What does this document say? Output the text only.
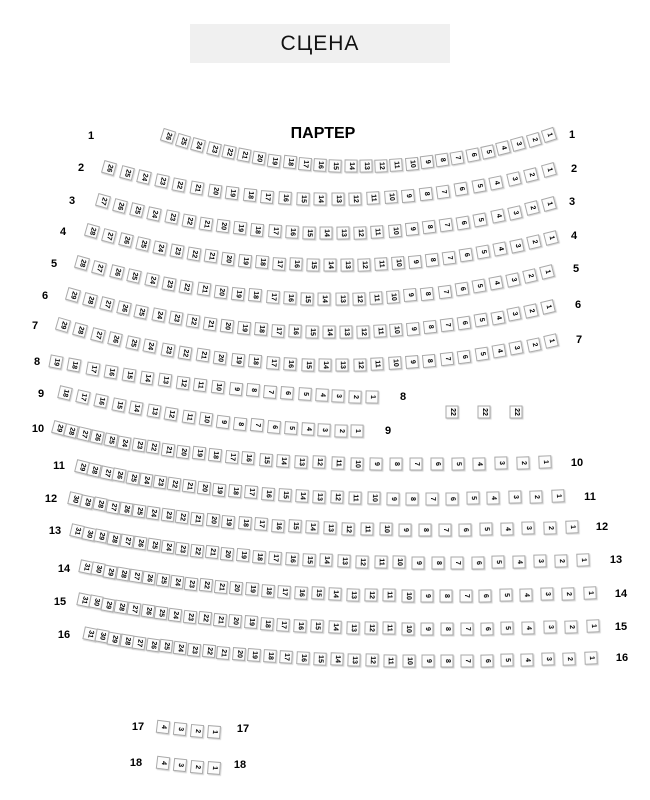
СЦЕНА
ПАРТЕР
26 25 24 23 22 21 20 19 18 17 16 15 14 13 12 11 10 9 8 7
6
5
4
3
2
1
1	1
26
25 24 23 22 21 20 19 18 17 16 15 14 13 12 11 10 9 8 7
6
5
4
3
2
1
2	2
27 26 25 24 23 22 21 20 19 18 17 16 15 14 13 12 11 10 9 8 7
6
5
4
3
2
1
3	3
28 27 26 25 24 23 22 21 20 19 18 17 16 15 14 13 12 11 10 9 8 7 6
5
4
3
2
1
4	4
28
27 26 25 24 23 22 21 20 19 18 17 16 15 14 13 12 11 10 9 8 7 6
5
4
3
2
1
5	5
29 28 27 26 25 24 23 22 21 20 19 18 17 16 15 14 13 12 11 10 9 8 7 6
5
4
3
2
1
6
6
29
28 27 26 25 24 23 22 21 20 19 18 17 16 15 14 13 12 11 10 9 8 7 6
5
4
3
2
1
7
7
19 18 17 16 15 14 13 12 11 10 9 8 7 6 5 4 3 2 1
8
8
18 17 16 15 14 13 12 11 10 9 8 7 6 5 4 3 2 1
9
9
29 28 27 26 25 24 23 22 21 20 19 18 17 16 15 14 13 12 11 10 9 8 7 6 5 4 3 2 1
10
10
29 28 27 26 25 24 23 22 21 20 19 18 17 16 15 14 13 12 11 10 9 8 7 6 5 4 3 2 1
11
11
30 29 28 27 26 25 24 23 22 21 20 19 18 17 16 15 14 13 12 11 10 9 8 7 6 5 4 3 2 1
12
12
31 30 29 28 27 26 25 24 23 22 21 20 19 18 17 16 15 14 13 12 11 10 9 8 7 6 5 4 3 2 1
13
13
31 30 29 28 27 26 25 24 23 22 21 20 19 18 17 16 15 14 13 12 11 10 9 8 7 6 5 4 3 2 1
14
14
31 30 29 28 27 26 25 24 23 22 21 20 19 18 17 16 15 14 13 12 11 10 9 8 7 6 5 4 3 2 1
15
15
31 30 29 28 27 26 25 24 23 22 21 20 19 18 17 16 15 14 13 12 11 10 9 8 7 6 5 4 3 2 1
16
16
4 3 2 1
17	17
4 3 2 1
18	18
22	22	22
